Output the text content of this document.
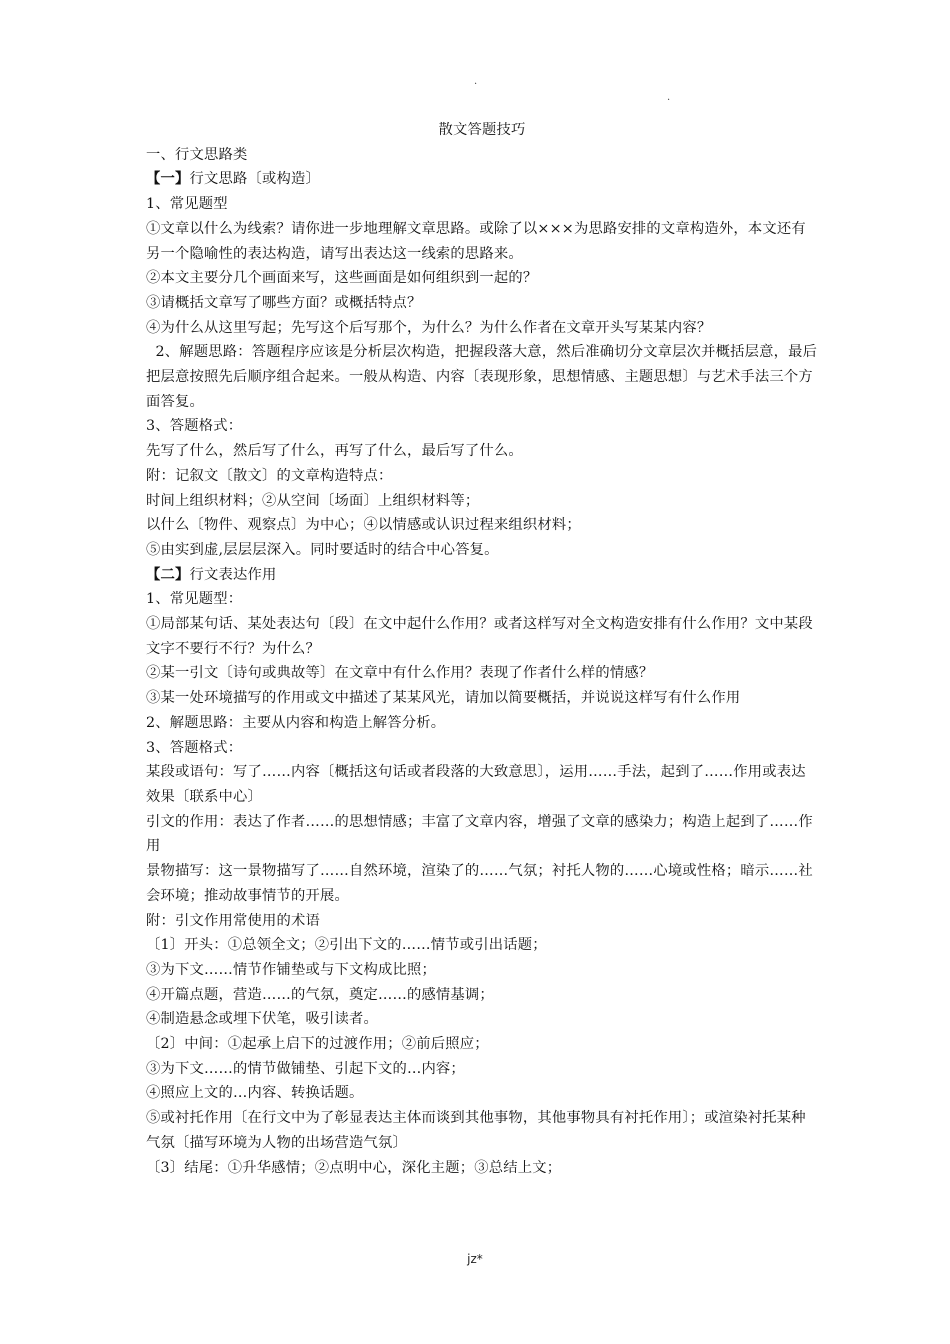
.
.

散文答题技巧

一、行文思路类

【一】行文思路〔或构造〕

1、常见题型

①文章以什么为线索？请你进一步地理解文章思路。或除了以×××为思路安排的文章构造外，本文还有另一个隐喻性的表达构造，请写出表达这一线索的思路来。

②本文主要分几个画面来写，这些画面是如何组织到一起的？

③请概括文章写了哪些方面？或概括特点？

④为什么从这里写起；先写这个后写那个，为什么？为什么作者在文章开头写某某内容？

2、解题思路：答题程序应该是分析层次构造，把握段落大意，然后准确切分文章层次并概括层意，最后把层意按照先后顺序组合起来。一般从构造、内容〔表现形象，思想情感、主题思想〕与艺术手法三个方面答复。

3、答题格式：

先写了什么，然后写了什么，再写了什么，最后写了什么。

附：记叙文〔散文〕的文章构造特点：

时间上组织材料；②从空间〔场面〕上组织材料等；

以什么〔物件、观察点〕为中心；④以情感或认识过程来组织材料；

⑤由实到虚,层层层深入。同时要适时的结合中心答复。

【二】行文表达作用

1、常见题型：

①局部某句话、某处表达句〔段〕在文中起什么作用？或者这样写对全文构造安排有什么作用？文中某段文字不要行不行？为什么？

②某一引文〔诗句或典故等〕在文章中有什么作用？表现了作者什么样的情感？

③某一处环境描写的作用或文中描述了某某风光，请加以简要概括，并说说这样写有什么作用

2、解题思路：主要从内容和构造上解答分析。

3、答题格式：

某段或语句：写了……内容〔概括这句话或者段落的大致意思〕，运用……手法，起到了……作用或表达效果〔联系中心〕

引文的作用：表达了作者……的思想情感；丰富了文章内容，增强了文章的感染力；构造上起到了……作用

景物描写：这一景物描写了……自然环境，渲染了的……气氛；衬托人物的……心境或性格；暗示……社会环境；推动故事情节的开展。

附：引文作用常使用的术语

〔1〕开头：①总领全文；②引出下文的……情节或引出话题；

③为下文……情节作铺垫或与下文构成比照；

④开篇点题，营造……的气氛，奠定……的感情基调；

④制造悬念或埋下伏笔，吸引读者。

〔2〕中间：①起承上启下的过渡作用；②前后照应；

③为下文……的情节做铺垫、引起下文的…内容；

④照应上文的…内容、转换话题。

⑤或衬托作用〔在行文中为了彰显表达主体而谈到其他事物，其他事物具有衬托作用〕；或渲染衬托某种气氛〔描写环境为人物的出场营造气氛〕

〔3〕结尾：①升华感情；②点明中心，深化主题；③总结上文；

jz*
